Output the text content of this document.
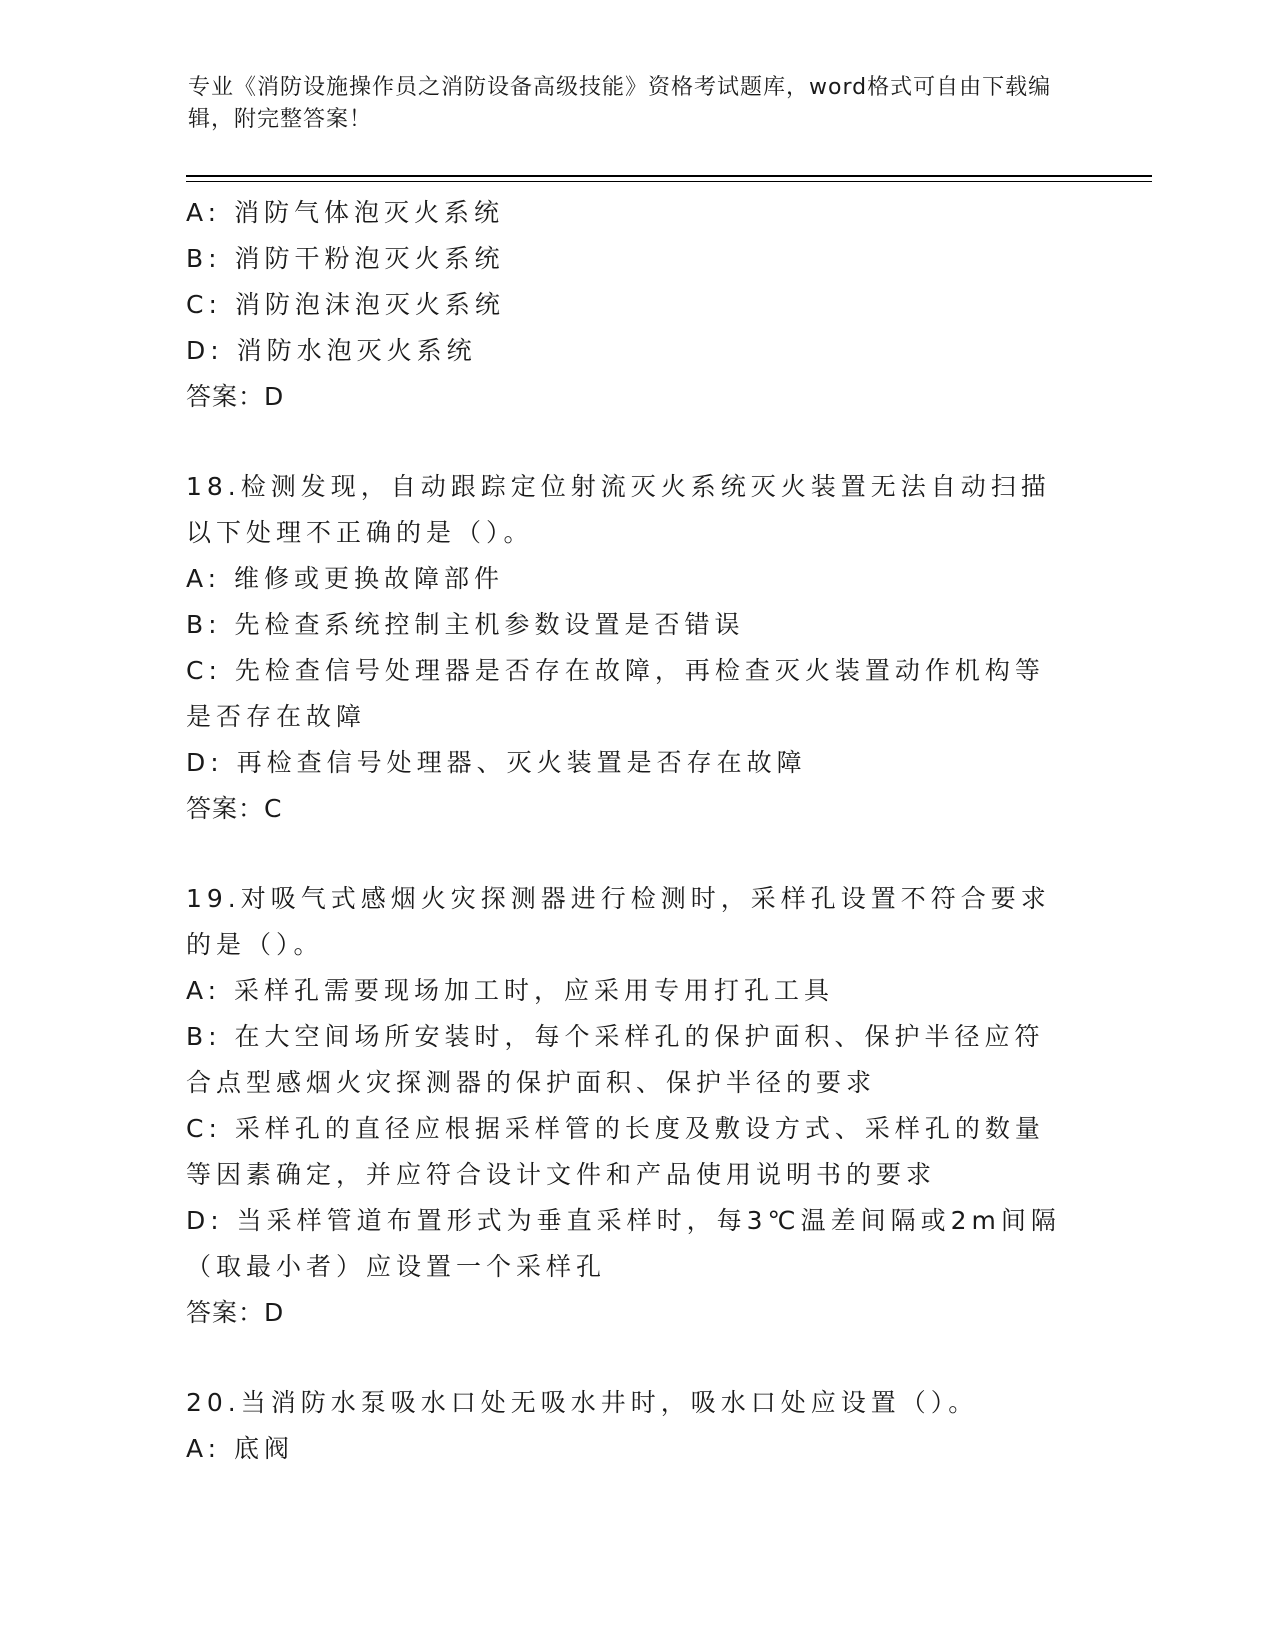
专业《消防设施操作员之消防设备高级技能》资格考试题库，word格式可自由下载编辑，附完整答案！
A: 消防气体泡灭火系统
B: 消防干粉泡灭火系统
C: 消防泡沫泡灭火系统
D: 消防水泡灭火系统
答案：D
18.检测发现，自动跟踪定位射流灭火系统灭火装置无法自动扫描以下处理不正确的是（）。
A: 维修或更换故障部件
B: 先检查系统控制主机参数设置是否错误
C: 先检查信号处理器是否存在故障，再检查灭火装置动作机构等是否存在故障
D: 再检查信号处理器、灭火装置是否存在故障
答案：C
19.对吸气式感烟火灾探测器进行检测时，采样孔设置不符合要求的是（）。
A: 采样孔需要现场加工时，应采用专用打孔工具
B: 在大空间场所安装时，每个采样孔的保护面积、保护半径应符合点型感烟火灾探测器的保护面积、保护半径的要求
C: 采样孔的直径应根据采样管的长度及敷设方式、采样孔的数量等因素确定，并应符合设计文件和产品使用说明书的要求
D: 当采样管道布置形式为垂直采样时，每3℃温差间隔或2m间隔（取最小者）应设置一个采样孔
答案：D
20.当消防水泵吸水口处无吸水井时，吸水口处应设置（）。
A: 底阀
